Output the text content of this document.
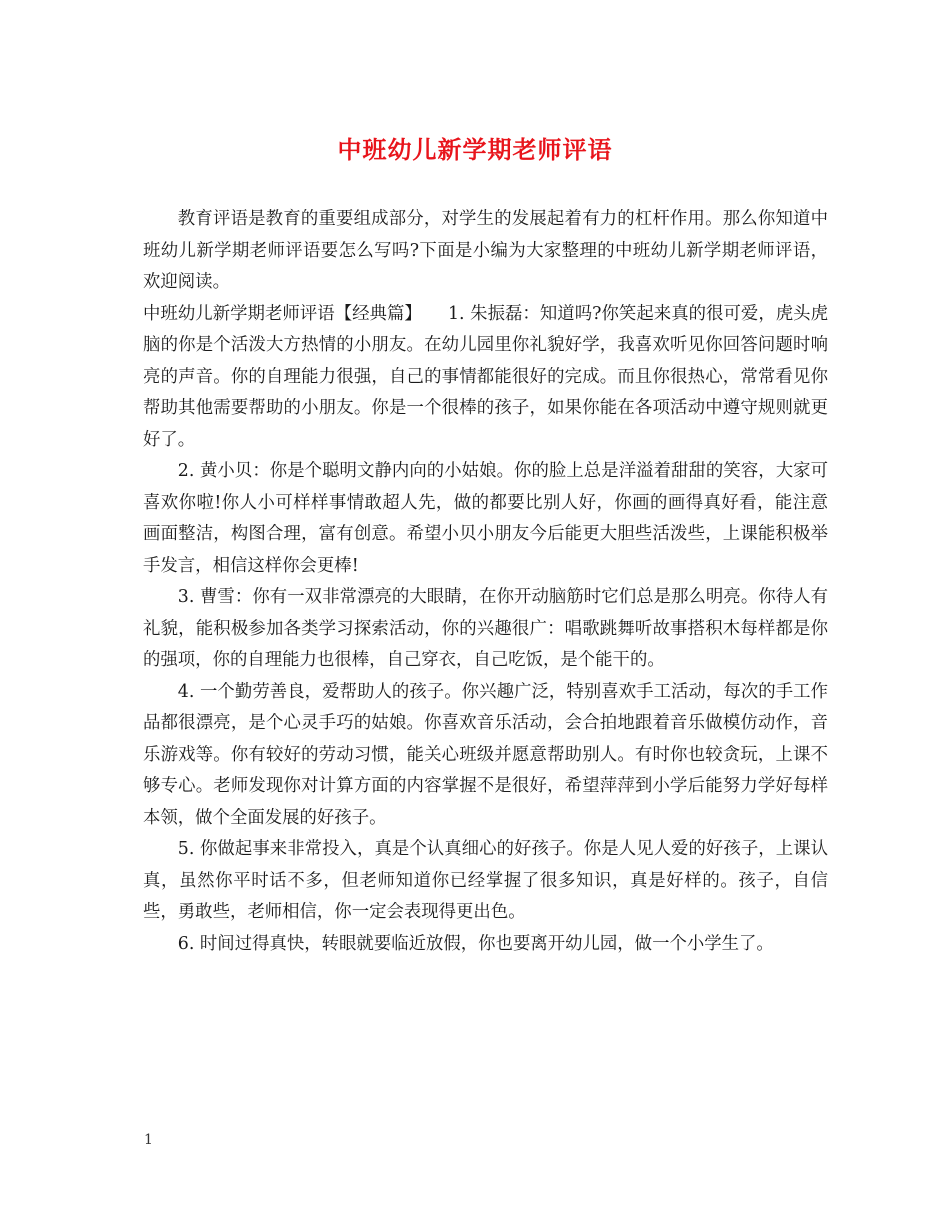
中班幼儿新学期老师评语

教育评语是教育的重要组成部分，对学生的发展起着有力的杠杆作用。那么你知道中班幼儿新学期老师评语要怎么写吗?下面是小编为大家整理的中班幼儿新学期老师评语，欢迎阅读。

中班幼儿新学期老师评语【经典篇】　　1. 朱振磊：知道吗?你笑起来真的很可爱，虎头虎脑的你是个活泼大方热情的小朋友。在幼儿园里你礼貌好学，我喜欢听见你回答问题时响亮的声音。你的自理能力很强，自己的事情都能很好的完成。而且你很热心，常常看见你帮助其他需要帮助的小朋友。你是一个很棒的孩子，如果你能在各项活动中遵守规则就更好了。

2. 黄小贝：你是个聪明文静内向的小姑娘。你的脸上总是洋溢着甜甜的笑容，大家可喜欢你啦!你人小可样样事情敢超人先，做的都要比别人好，你画的画得真好看，能注意画面整洁，构图合理，富有创意。希望小贝小朋友今后能更大胆些活泼些，上课能积极举手发言，相信这样你会更棒!

3. 曹雪：你有一双非常漂亮的大眼睛，在你开动脑筋时它们总是那么明亮。你待人有礼貌，能积极参加各类学习探索活动，你的兴趣很广：唱歌跳舞听故事搭积木每样都是你的强项，你的自理能力也很棒，自己穿衣，自己吃饭，是个能干的。

4. 一个勤劳善良，爱帮助人的孩子。你兴趣广泛，特别喜欢手工活动，每次的手工作品都很漂亮，是个心灵手巧的姑娘。你喜欢音乐活动，会合拍地跟着音乐做模仿动作，音乐游戏等。你有较好的劳动习惯，能关心班级并愿意帮助别人。有时你也较贪玩，上课不够专心。老师发现你对计算方面的内容掌握不是很好，希望萍萍到小学后能努力学好每样本领，做个全面发展的好孩子。

5. 你做起事来非常投入，真是个认真细心的好孩子。你是人见人爱的好孩子，上课认真，虽然你平时话不多，但老师知道你已经掌握了很多知识，真是好样的。孩子，自信些，勇敢些，老师相信，你一定会表现得更出色。

6. 时间过得真快，转眼就要临近放假，你也要离开幼儿园，做一个小学生了。

1
